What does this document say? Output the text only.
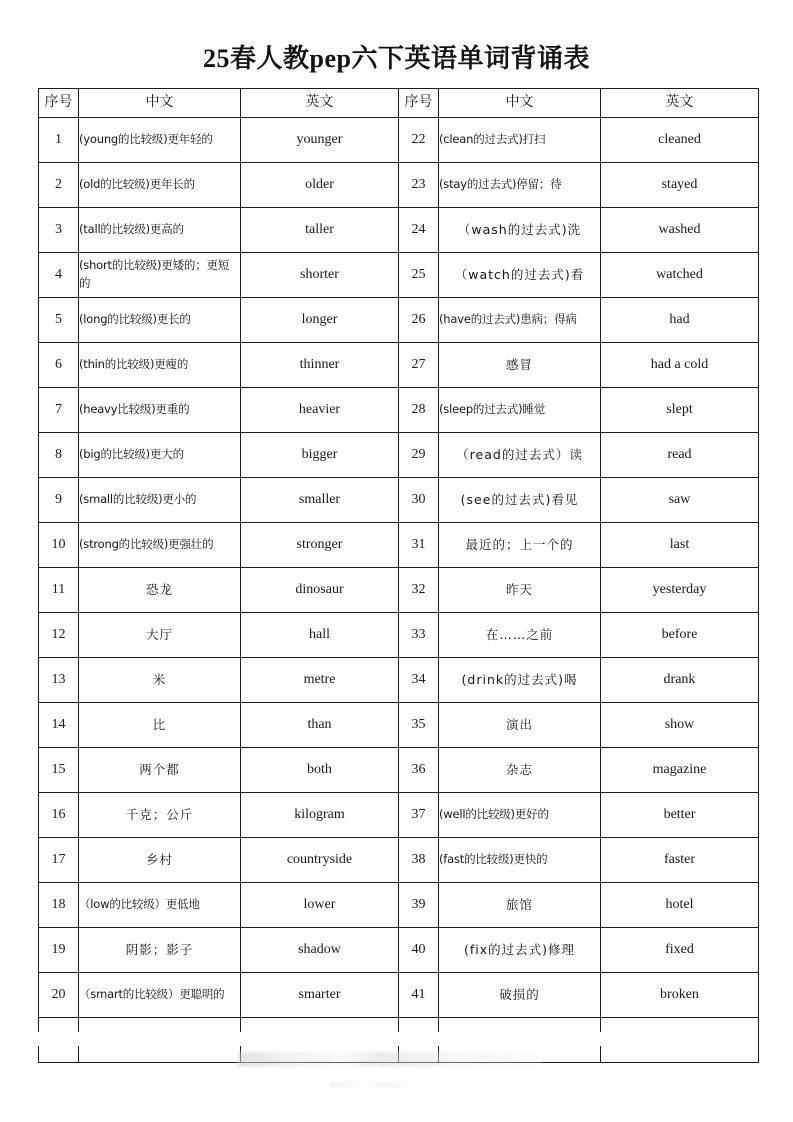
25春人教pep六下英语单词背诵表
序号	中文	英文	序号	中文	英文
1	(young的比较级)更年轻的	younger	22	(clean的过去式)打扫	cleaned
2	(old的比较级)更年长的	older	23	(stay的过去式)停留；待	stayed
3	(tall的比较级)更高的	taller	24	（wash的过去式)洗	washed
4	(short的比较级)更矮的；更短的	shorter	25	（watch的过去式)看	watched
5	(long的比较级)更长的	longer	26	(have的过去式)患病；得病	had
6	(thin的比较级)更瘦的	thinner	27	感冒	had a cold
7	(heavy比较级)更重的	heavier	28	(sleep的过去式)睡觉	slept
8	(big的比较级)更大的	bigger	29	（read的过去式）读	read
9	(small的比较级)更小的	smaller	30	(see的过去式)看见	saw
10	(strong的比较级)更强壮的	stronger	31	最近的；上一个的	last
11	恐龙	dinosaur	32	昨天	yesterday
12	大厅	hall	33	在……之前	before
13	米	metre	34	(drink的过去式)喝	drank
14	比	than	35	演出	show
15	两个都	both	36	杂志	magazine
16	千克；公斤	kilogram	37	(well的比较级)更好的	better
17	乡村	countryside	38	(fast的比较级)更快的	faster
18	（low的比较级）更低地	lower	39	旅馆	hotel
19	阴影；影子	shadow	40	(fix的过去式)修理	fixed
20	（smart的比较级）更聪明的	smarter	41	破损的	broken
